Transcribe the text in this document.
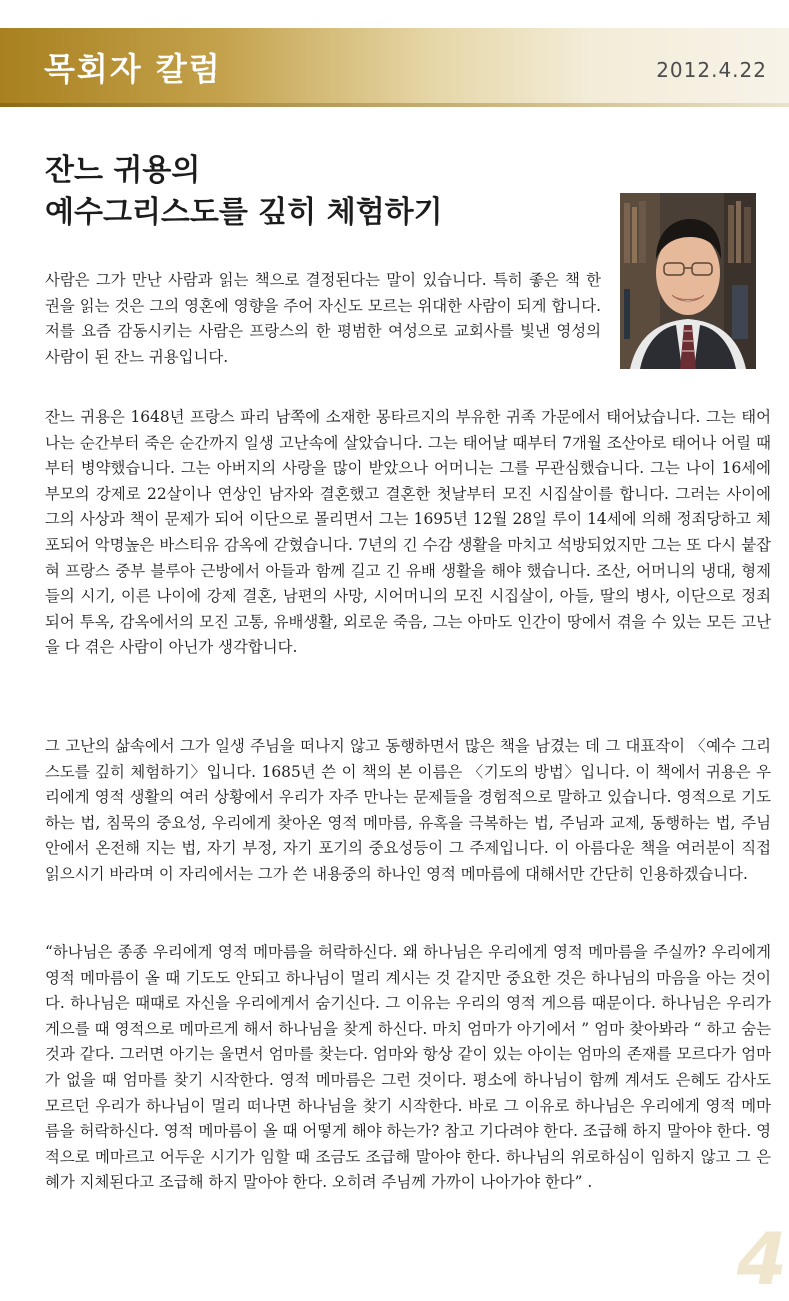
목회자 칼럼	2012.4.22
잔느 귀용의
예수그리스도를 깊히 체험하기
사람은 그가 만난 사람과 읽는 책으로 결정된다는 말이 있습니다. 특히 좋은 책 한 권을 읽는 것은 그의 영혼에 영향을 주어 자신도 모르는 위대한 사람이 되게 합니다. 저를 요즘 감동시키는 사람은 프랑스의 한 평범한 여성으로 교회사를 빛낸 영성의 사람이 된 잔느 귀용입니다.
잔느 귀용은 1648년 프랑스 파리 남쪽에 소재한 몽타르지의 부유한 귀족 가문에서 태어났습니다. 그는 태어나는 순간부터 죽은 순간까지 일생 고난속에 살았습니다. 그는 태어날 때부터 7개월 조산아로 태어나 어릴 때부터 병약했습니다. 그는 아버지의 사랑을 많이 받았으나 어머니는 그를 무관심했습니다. 그는 나이 16세에 부모의 강제로 22살이나 연상인 남자와 결혼했고 결혼한 첫날부터 모진 시집살이를 합니다. 그러는 사이에 그의 사상과 책이 문제가 되어 이단으로 몰리면서 그는 1695년 12월 28일 루이 14세에 의해 정죄당하고 체포되어 악명높은 바스티유 감옥에 갇혔습니다. 7년의 긴 수감 생활을 마치고 석방되었지만 그는 또 다시 붙잡혀 프랑스 중부 블루아 근방에서 아들과 함께 길고 긴 유배 생활을 해야 했습니다. 조산, 어머니의 냉대, 형제들의 시기, 이른 나이에 강제 결혼, 남편의 사망, 시어머니의 모진 시집살이, 아들, 딸의 병사, 이단으로 정죄되어 투옥, 감옥에서의 모진 고통, 유배생활, 외로운 죽음, 그는 아마도 인간이 땅에서 겪을 수 있는 모든 고난을 다 겪은 사람이 아닌가 생각합니다.
그 고난의 삶속에서 그가 일생 주님을 떠나지 않고 동행하면서 많은 책을 남겼는 데 그 대표작이 〈예수 그리스도를 깊히 체험하기〉입니다. 1685년 쓴 이 책의 본 이름은 〈기도의 방법〉입니다. 이 책에서 귀용은 우리에게 영적 생활의 여러 상황에서 우리가 자주 만나는 문제들을 경험적으로 말하고 있습니다. 영적으로 기도하는 법, 침묵의 중요성, 우리에게 찾아온 영적 메마름, 유혹을 극복하는 법, 주님과 교제, 동행하는 법, 주님안에서 온전해 지는 법, 자기 부정, 자기 포기의 중요성등이 그 주제입니다. 이 아름다운 책을 여러분이 직접 읽으시기 바라며 이 자리에서는 그가 쓴 내용중의 하나인 영적 메마름에 대해서만 간단히 인용하겠습니다.
“하나님은 종종 우리에게 영적 메마름을 허락하신다. 왜 하나님은 우리에게 영적 메마름을 주실까? 우리에게 영적 메마름이 올 때 기도도 안되고 하나님이 멀리 계시는 것 같지만 중요한 것은 하나님의 마음을 아는 것이다. 하나님은 때때로 자신을 우리에게서 숨기신다. 그 이유는 우리의 영적 게으름 때문이다. 하나님은 우리가 게으를 때 영적으로 메마르게 해서 하나님을 찾게 하신다. 마치 엄마가 아기에서 ” 엄마 찾아봐라 “ 하고 숨는 것과 같다. 그러면 아기는 울면서 엄마를 찾는다. 엄마와 항상 같이 있는 아이는 엄마의 존재를 모르다가 엄마가 없을 때 엄마를 찾기 시작한다. 영적 메마름은 그런 것이다. 평소에 하나님이 함께 계셔도 은혜도 감사도 모르던 우리가 하나님이 멀리 떠나면 하나님을 찾기 시작한다. 바로 그 이유로 하나님은 우리에게 영적 메마름을 허락하신다. 영적 메마름이 올 때 어떻게 해야 하는가? 참고 기다려야 한다. 조급해 하지 말아야 한다. 영적으로 메마르고 어두운 시기가 임할 때 조금도 조급해 말아야 한다. 하나님의 위로하심이 임하지 않고 그 은혜가 지체된다고 조급해 하지 말아야 한다. 오히려 주님께 가까이 나아가야 한다” .
4
